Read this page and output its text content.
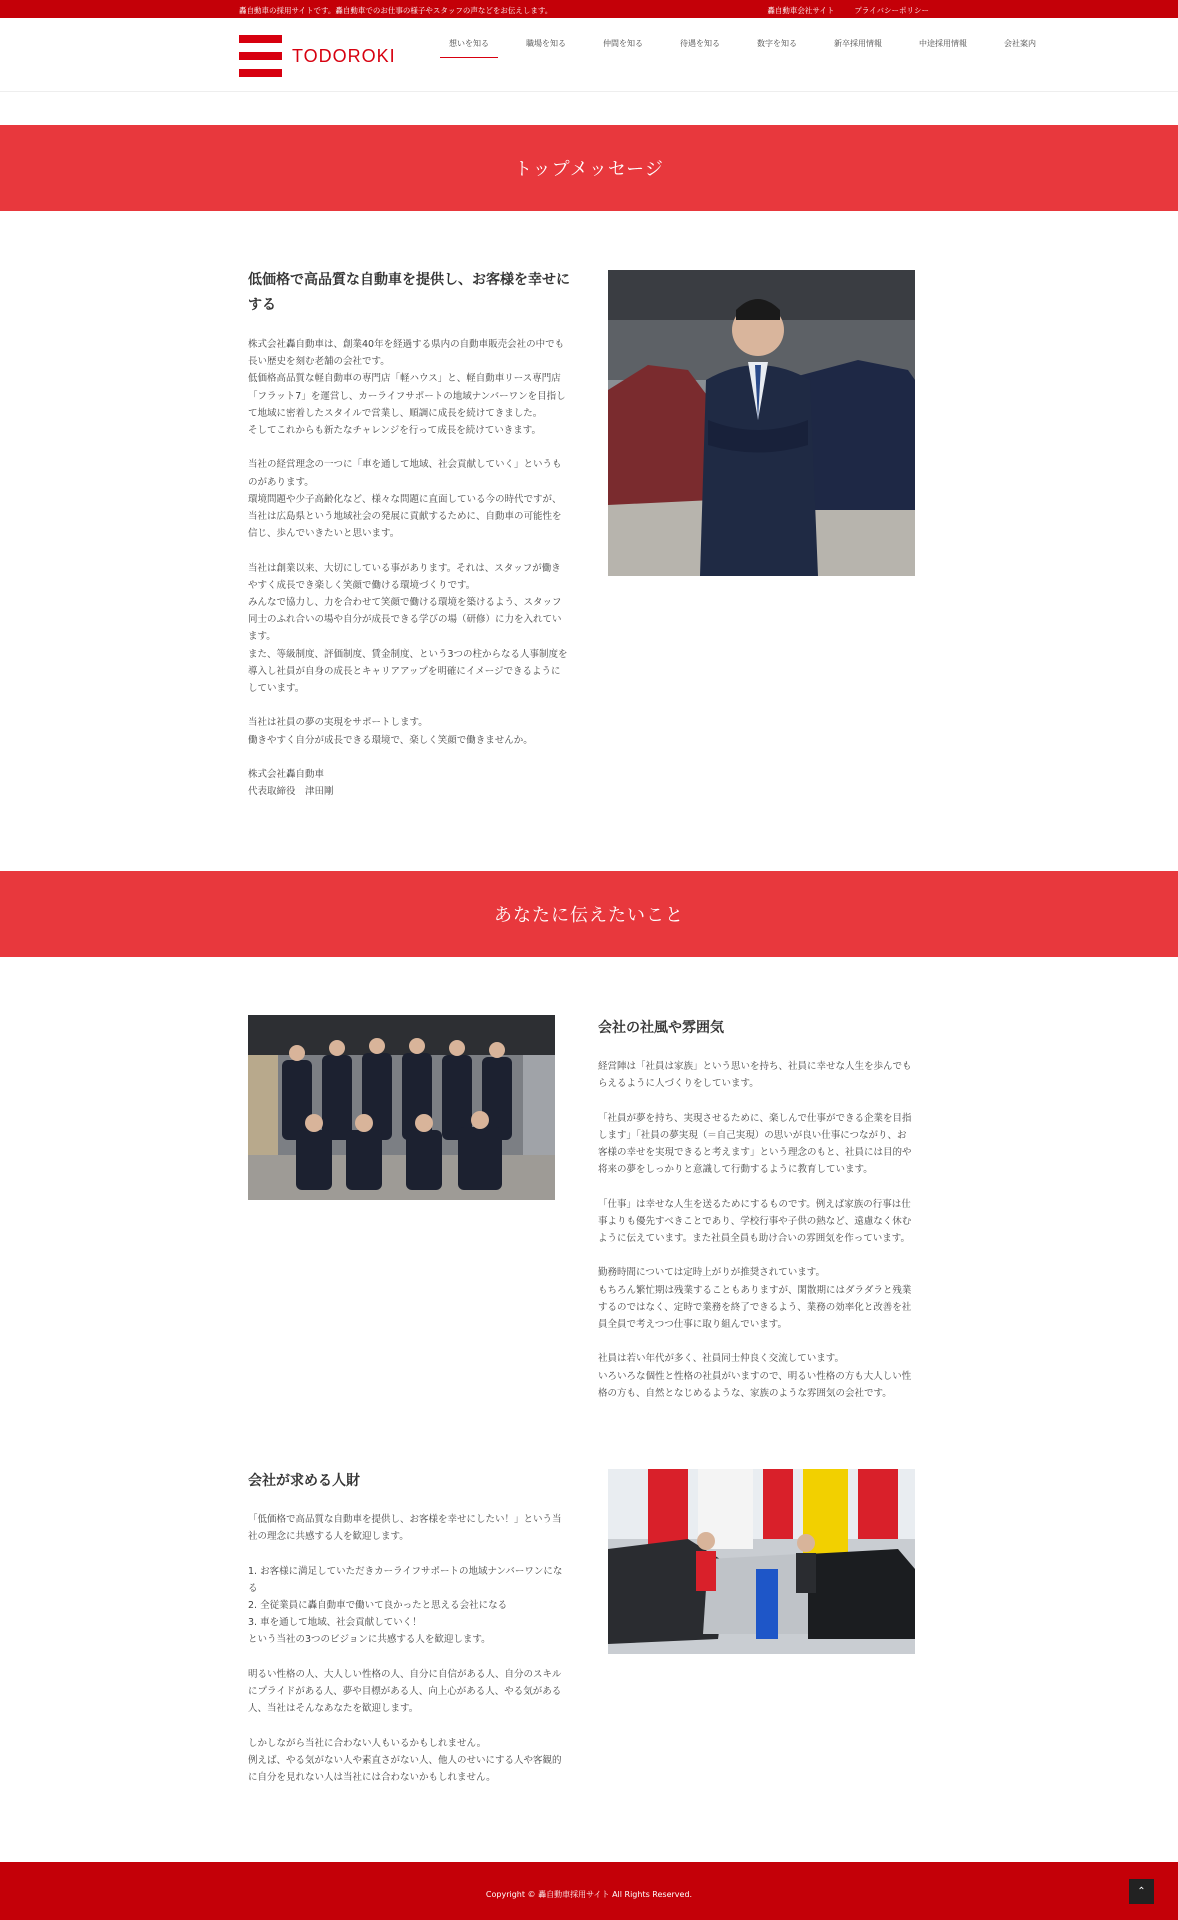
轟自動車の採用サイトです。轟自動車でのお仕事の様子やスタッフの声などをお伝えします。	轟自動車会社サイト	プライバシーポリシー
TODOROKI
想いを知る	職場を知る	仲間を知る	待遇を知る	数字を知る	新卒採用情報	中途採用情報	会社案内
トップメッセージ
低価格で高品質な自動車を提供し、お客様を幸せにする
株式会社轟自動車は、創業40年を経過する県内の自動車販売会社の中でも
長い歴史を刻む老舗の会社です。
低価格高品質な軽自動車の専門店「軽ハウス」と、軽自動車リース専門店
「フラット7」を運営し、カーライフサポートの地域ナンバーワンを目指し
て地域に密着したスタイルで営業し、順調に成長を続けてきました。
そしてこれからも新たなチャレンジを行って成長を続けていきます。

当社の経営理念の一つに「車を通して地域、社会貢献していく」というも
のがあります。
環境問題や少子高齢化など、様々な問題に直面している今の時代ですが、
当社は広島県という地域社会の発展に貢献するために、自動車の可能性を
信じ、歩んでいきたいと思います。

当社は創業以来、大切にしている事があります。それは、スタッフが働き
やすく成長でき楽しく笑顔で働ける環境づくりです。
みんなで協力し、力を合わせて笑顔で働ける環境を築けるよう、スタッフ
同士のふれ合いの場や自分が成長できる学びの場（研修）に力を入れてい
ます。
また、等級制度、評価制度、賃金制度、という3つの柱からなる人事制度を
導入し社員が自身の成長とキャリアアップを明確にイメージできるように
しています。

当社は社員の夢の実現をサポートします。
働きやすく自分が成長できる環境で、楽しく笑顔で働きませんか。

株式会社轟自動車
代表取締役　津田剛
あなたに伝えたいこと
会社の社風や雰囲気
経営陣は「社員は家族」という思いを持ち、社員に幸せな人生を歩んでも
らえるように人づくりをしています。

「社員が夢を持ち、実現させるために、楽しんで仕事ができる企業を目指
します」「社員の夢実現（＝自己実現）の思いが良い仕事につながり、お
客様の幸せを実現できると考えます」という理念のもと、社員には目的や
将来の夢をしっかりと意識して行動するように教育しています。

「仕事」は幸せな人生を送るためにするものです。例えば家族の行事は仕
事よりも優先すべきことであり、学校行事や子供の熱など、遠慮なく休む
ように伝えています。また社員全員も助け合いの雰囲気を作っています。

勤務時間については定時上がりが推奨されています。
もちろん繁忙期は残業することもありますが、閑散期にはダラダラと残業
するのではなく、定時で業務を終了できるよう、業務の効率化と改善を社
員全員で考えつつ仕事に取り組んでいます。

社員は若い年代が多く、社員同士仲良く交流しています。
いろいろな個性と性格の社員がいますので、明るい性格の方も大人しい性
格の方も、自然となじめるような、家族のような雰囲気の会社です。
会社が求める人財
「低価格で高品質な自動車を提供し、お客様を幸せにしたい！」という当
社の理念に共感する人を歓迎します。

1. お客様に満足していただきカーライフサポートの地域ナンバーワンにな
る
2. 全従業員に轟自動車で働いて良かったと思える会社になる
3. 車を通して地域、社会貢献していく！
という当社の3つのビジョンに共感する人を歓迎します。

明るい性格の人、大人しい性格の人、自分に自信がある人、自分のスキル
にプライドがある人、夢や目標がある人、向上心がある人、やる気がある
人、当社はそんなあなたを歓迎します。

しかしながら当社に合わない人もいるかもしれません。
例えば、やる気がない人や素直さがない人、他人のせいにする人や客観的
に自分を見れない人は当社には合わないかもしれません。
Copyright © 轟自動車採用サイト All Rights Reserved.	⌃
